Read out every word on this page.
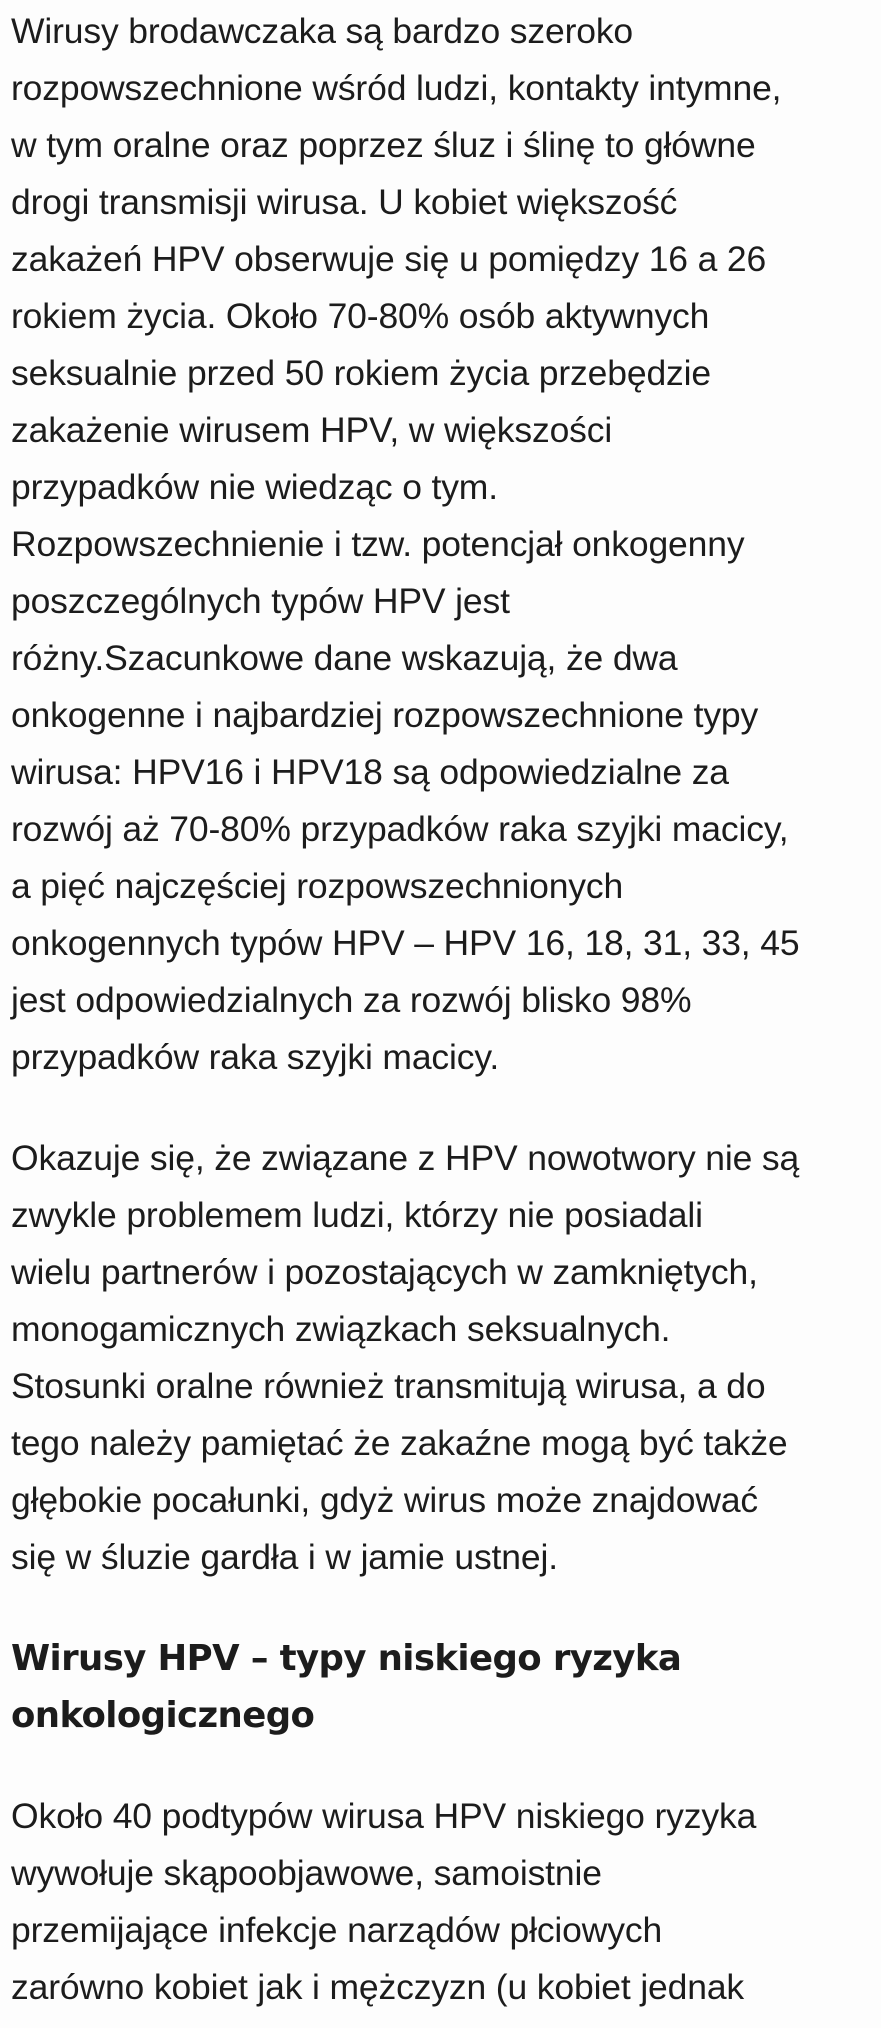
Wirusy brodawczaka są bardzo szeroko
rozpowszechnione wśród ludzi, kontakty intymne,
w tym oralne oraz poprzez śluz i ślinę to główne
drogi transmisji wirusa. U kobiet większość
zakażeń HPV obserwuje się u pomiędzy 16 a 26
rokiem życia. Około 70-80% osób aktywnych
seksualnie przed 50 rokiem życia przebędzie
zakażenie wirusem HPV, w większości
przypadków nie wiedząc o tym.
Rozpowszechnienie i tzw. potencjał onkogenny
poszczególnych typów HPV jest
różny.Szacunkowe dane wskazują, że dwa
onkogenne i najbardziej rozpowszechnione typy
wirusa: HPV16 i HPV18 są odpowiedzialne za
rozwój aż 70-80% przypadków raka szyjki macicy,
a pięć najczęściej rozpowszechnionych
onkogennych typów HPV – HPV 16, 18, 31, 33, 45
jest odpowiedzialnych za rozwój blisko 98%
przypadków raka szyjki macicy.

Okazuje się, że związane z HPV nowotwory nie są
zwykle problemem ludzi, którzy nie posiadali
wielu partnerów i pozostających w zamkniętych,
monogamicznych związkach seksualnych.
Stosunki oralne również transmitują wirusa, a do
tego należy pamiętać że zakaźne mogą być także
głębokie pocałunki, gdyż wirus może znajdować
się w śluzie gardła i w jamie ustnej.

Wirusy HPV – typy niskiego ryzyka
onkologicznego

Około 40 podtypów wirusa HPV niskiego ryzyka
wywołuje skąpoobjawowe, samoistnie
przemijające infekcje narządów płciowych
zarówno kobiet jak i mężczyzn (u kobiet jednak
